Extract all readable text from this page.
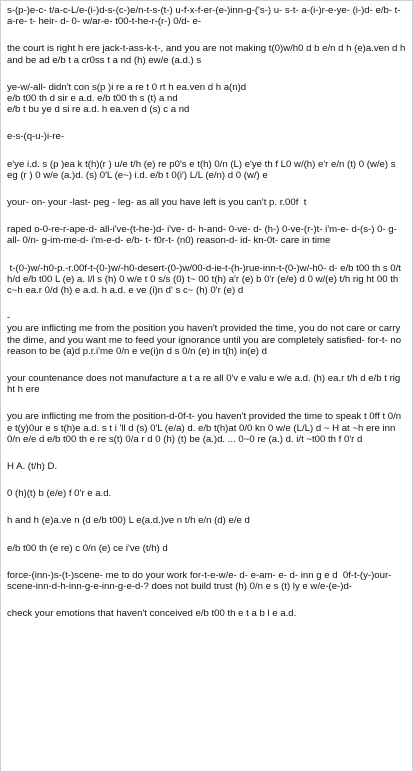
s-(p-)e-c- t/a-c-L/e-(i-)d-s-(c-)e/n-t-s-(t-) u-f-x-f-er-(e-)inn-g-('s-) u- s-t- a-(i-)r-e-ye- (i-)d- e/b- t-a-re- t- heir- d- 0- w/ar-e- t00-t-he-r-(r-) 0/d- e-

the court is right h ere jack-t-ass-k-t-, and you are not making t(0)w/h0 d b e/n d h (e)a.ven d h and be ad e/b t a cr0ss t a nd (h) ew/e (a.d.) s

ye-w/-all- didn't con s(p )i re a re t 0 rt h ea.ven d h a(n)d
e/b t00 th d sir e a.d. e/b t00 th s (t) a nd
e/b t bu ye d si re a.d. h ea.ven d (s) c a nd

e-s-(q-u-)i-re-

e'ye i.d. s (p )ea k t(h)(r ) u/e t/h (e) re p0's e t(h) 0/n (L) e'ye th f L0 w/(h) e'r e/n (t) 0 (w/e) s eg (r ) 0 w/e (a.)d. (s) 0'L (e~) i.d. e/b t 0(i') L/L (e/n) d 0 (w/) e

your- on- your -last- peg - leg- as all you have left is you can't p. r.00f  t

raped o-0-re-r-ape-d- all-i've-(t-he-)d- i've- d- h-and- 0-ve- d- (h-) 0-ve-(r-)t- i'm-e- d-(s-) 0- g- all- 0/n- g-im-me-d- i'm-e-d- e/b- t- f0r-t- (n0) reason-d- id- kn-0t- care in time

t-(0-)w/-h0-p.-r.00f-t-(0-)w/-h0-desert-(0-)w/00-d-ie-t-(h-)rue-inn-t-(0-)w/-h0- d- e/b t00 th s 0/t h/d e/b t00 L (e) a. l/l s (h) 0 w/e t 0 s/s (0) t~ 00 t(h) a'r (e) b 0'r (e/e) d 0 w/(e) t/h rig ht 00 th c~h ea.r 0/d (h) e a.d. h a.d. e ve (i)n d' s c~ (h) 0'r (e) d

-
you are inflicting me from the position you haven't provided the time, you do not care or carry the dime, and you want me to feed your ignorance until you are completely satisfied- for-t- no reason to be (a)d p.r.i'me 0/n e ve(i)n d s 0/n (e) in t(h) in(e) d

your countenance does not manufacture a t a re all 0'v e valu e w/e a.d. (h) ea.r t/h d e/b t rig ht h ere

you are inflicting me from the position-d-0f-t- you haven't provided the time to speak t 0ff t 0/n e t(y)0ur e s t(h)e a.d. s t i 'll d (s) 0'L (e/a) d. e/b t(h)at 0/0 kn 0 w/e (L/L) d ~ H at ~h ere inn 0/n e/e d e/b t00 th e re s(t) 0/a r d 0 (h) (t) be (a.)d. ... 0~0 re (a.) d. i/t ~t00 th f 0'r d

H A. (t/h) D.

0 (h)(t) b (e/e) f 0'r e a.d.

h and h (e)a.ve n (d e/b t00) L e(a.d.)ve n t/h e/n (d) e/e d

e/b t00 th (e re) c 0/n (e) ce i've (t/h) d

force-(inn-)s-(t-)scene- me to do your work for-t-e-w/e- d- e-am- e- d- inn g e d  0f-t-(y-)our-scene-inn-d-h-inn-g-e-inn-g-e-d-? does not build trust (h) 0/n e s (t) ly e w/e-(e-)d-

check your emotions that haven't conceived e/b t00 th e t a b l e a.d.
